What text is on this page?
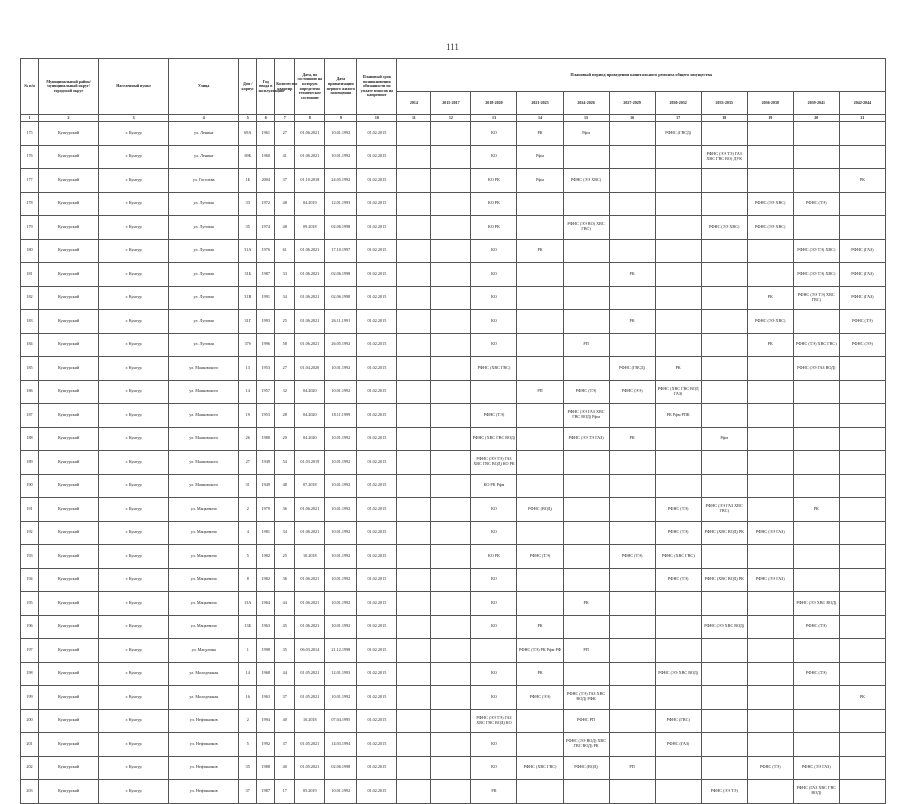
111
№ п/п	Муниципальный район/ муниципальный округ/городской округ	Населенный пункт	Улица	Дом / корпус	Год ввода в эксплуатацию	Количество квартир	Дата, по состоянию на которую определено техническое состояние	Дата приватизации первого жилого помещения	Плановый срок возникновения обязанности по уплате взносов на капремонт	Плановый период проведения капитального ремонта общего имущества										
										2014	2015-2017	2018-2020	2021-2023	2024-2026	2027-2029	2030-2032	2033-2035	2036-2038	2039-2041	2042-2044
1	2	3	4	5	6	7	8	9	10	11	12	13	14	15	16	17	18	19	20	21
175	Кунгурский	г. Кунгур	ул. Ленина	69А	1961	27	01.06.2021	10.01.1992	01.02.2015			КО	РК	Рфм		РФНС (ГВСД)				
176	Кунгурский	г. Кунгур	ул. Ленина	69Б	1960	41	01.06.2021	10.01.1992	01.02.2015			КО	Рфм				РФНС (ЭЭ ТЭ) ГАЗ ХВС ГВС ВО) ДУК			
177	Кунгурский	г. Кунгур	ул. Гоголева	1Б	2004	37	01.10.2018	24.05.1992	01.02.2015			КО РК	Рфм	РФНС (ЭЭ ХВС)						РК
178	Кунгурский	г. Кунгур	ул. Луговая	33	1972	48	04.2019	12.01.1993	01.02.2015			КО РК						РФНС (ЭЭ ХВС)	РФНС (ТЭ)	
179	Кунгурский	г. Кунгур	ул. Луговая	35	1974	48	09.2018	02.06.1998	01.02.2015			КО РК		РФНС (ЭЭ ВО) ХВС ГВС)			РФНС (ЭЭ ХВС)	РФНС (ЭЭ ХВС)		
180	Кунгурский	г. Кунгур	ул. Луговая	31А	1976	61	01.06.2021	17.10.1997	01.02.2015			КО	РК						РФНС (ЭЭ ТЭ) ХВС)	РФНС (ГАЗ)
181	Кунгурский	г. Кунгур	ул. Луговая	31Б	1987	33	01.06.2021	02.06.1998	01.02.2015			КО			РК				РФНС (ЭЭ ТЭ) ХВС)	РФНС (ГАЗ)
182	Кунгурский	г. Кунгур	ул. Луговая	31В	1991	34	01.06.2021	02.06.1998	01.02.2015			КО						РК	РФНС (ЭЭ ТЭ) ХВС ГВС)	РФНС (ГАЗ)
183	Кунгурский	г. Кунгур	ул. Луговая	31Г	1993	25	01.06.2021	26.11.1991	01.02.2015			КО			РК			РФНС (ЭЭ ХВС)		РФНС (ТЭ)
184	Кунгурский	г. Кунгур	ул. Луговая	37б	1996	58	01.06.2021	26.05.1992	01.02.2015			КО		РП				РК	РФНС (ТЭ) ХВС ГВС)	РФНС (ЭЭ)
185	Кунгурский	г. Кунгур	ул. Маяковского	13	1953	27	01.04.2020	10.01.1992	01.02.2015			РФНС (ХВС ГВС)			РФНС (ГВСД)	РК			РФНС (ЭЭ ГАЗ ВОД)	
186	Кунгурский	г. Кунгур	ул. Маяковского	14	1957	32	04.2020	10.01.1992	01.02.2015				РП	РФНС (ТЭ)	РФНС (ЭЭ)	РФНС (ХВС ГВС ВОД ГАЗ)				
187	Кунгурский	г. Кунгур	ул. Маяковского	19	1953	28	04.2020	18.11.1999	01.02.2015			РФНС (ТЭ)		РФНС (ЭЭ ГАЗ ХВС ГВС ВОД) Рфм		РК Рфм РПК				
188	Кунгурский	г. Кунгур	ул. Маяковского	26	1980	20	04.2020	10.01.1992	01.02.2015			РФНС (ХВС ГВС ВОД)		РФНС (ЭЭ ТЭ ГАЗ)	РК		Рфм			
189	Кунгурский	г. Кунгур	ул. Маяковского	27	1949	54	01.03.2019	10.01.1992	01.02.2015			РФНС (ЭЭ ТЭ) ГАЗ ХВС ГВС ВОД) КО РК								
190	Кунгурский	г. Кунгур	ул. Маяковского	31	1949	48	07.2018	10.01.1992	01.02.2015			КО РК Рфм								
191	Кунгурский	г. Кунгур	ул. Мацкевича	2	1979	36	01.06.2021	10.01.1992	01.02.2015			КО	РФНС (ВОД)			РФНС (ТЭ)	РФНС (ЭЭ ГАЗ ХВС ГВС)		РК	
192	Кунгурский	г. Кунгур	ул. Мацкевича	4	1981	34	01.06.2021	10.01.1992	01.02.2015			КО				РФНС (ТЭ)	РФНС (ХВС ВОД) РК	РФНС (ЭЭ ГАЗ)		
193	Кунгурский	г. Кунгур	ул. Мацкевича	5	1982	25	10.2018	10.01.1992	01.02.2015			КО РК	РФНС (ТЭ)		РФНС (ТЭ)	РФНС (ХВС ГВС)				
194	Кунгурский	г. Кунгур	ул. Мацкевича	8	1982	36	01.06.2021	10.01.1992	01.02.2015			КО				РФНС (ТЭ)	РФНС (ХВС ВОД) РК	РФНС (ЭЭ ГАЗ)		
195	Кунгурский	г. Кунгур	ул. Мацкевича	13А	1964	44	01.06.2021	10.01.1992	01.02.2015			КО		РК					РФНС (ЭЭ ХВС ВОД)	
196	Кунгурский	г. Кунгур	ул. Мацкевича	13Б	1963	45	01.06.2021	10.01.1992	01.02.2015			КО	РК				РФНС (ЭЭ ХВС ВОД)		РФНС (ТЭ)	
197	Кунгурский	г. Кунгур	ул. Мацулина	1	1998	35	06.03.2014	21.12.1998	01.02.2015				РФНС (ТЭ) РК Рфм РФ	РП						
198	Кунгурский	г. Кунгур	ул. Молодежная	14	1968	44	01.05.2021	12.01.1993	01.02.2015			КО	РК			РФНС (ЭЭ ХВС ВОД)			РФНС (ТЭ)	
199	Кунгурский	г. Кунгур	ул. Молодежная	16	1963	37	01.05.2021	10.01.1992	01.02.2015			КО	РФНС (ЭЭ)	РФНС (ТЭ) ГАЗ ХВС ВОД) РФК						РК
200	Кунгурский	г. Кунгур	ул. Нефтяников	2	1994	40	10.2018	07.04.1995	01.02.2015			РФНС (ЭЭ ТЭ) ГАЗ ХВС ГВС ВОД) КО		РФНС РП		РФНС (ГВС)				
201	Кунгурский	г. Кунгур	ул. Нефтяников	5	1992	37	01.05.2021	14.03.1994	01.02.2015			КО		РФНС (ЭЭ ВОД) ХВС ГВС ВОД) РК		РФНС (ГАЗ)				
202	Кунгурский	г. Кунгур	ул. Нефтяников	35	1988	40	01.05.2021	02.06.1998	01.02.2015			КО	РФНС (ХВС ГВС)	РФНС (ВОД)	РП			РФНС (ТЭ)	РФНС (ЭЭ ГАЗ)	
203	Кунгурский	г. Кунгур	ул. Нефтяников	37	1987	17	05.2019	10.01.1992	01.02.2015			РК					РФНС (ЭЭ ТЭ)		РФНС (ГАЗ ХВС ГВС ВОД)	
